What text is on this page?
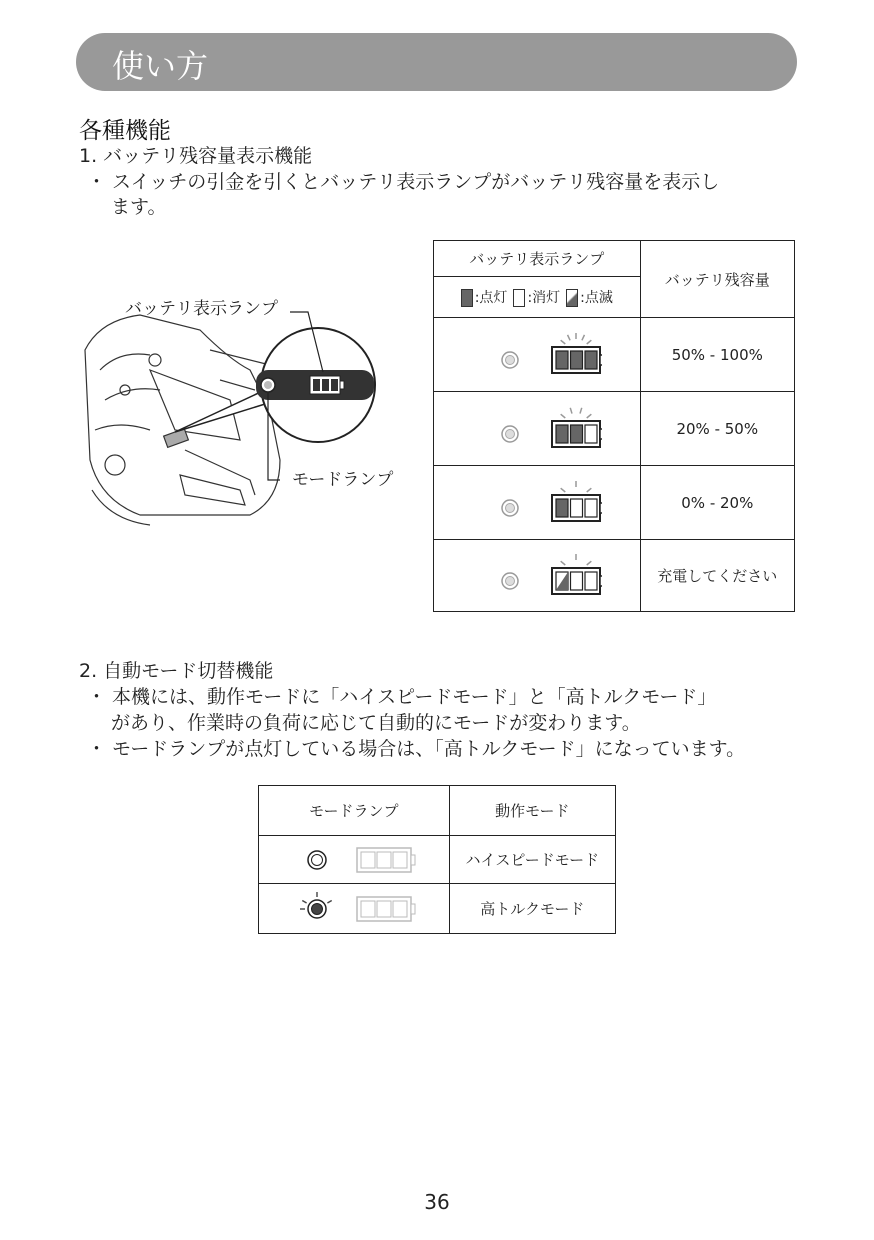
使い方
各種機能
1. バッテリ残容量表示機能
・ スイッチの引金を引くとバッテリ表示ランプがバッテリ残容量を表示し
ます。
バッテリ表示ランプ
モードランプ
バッテリ表示ランプ	バッテリ残容量

:点灯 :消灯 :点滅	

	50% - 100%
	20% - 50%
	0% - 20%
	充電してください
2. 自動モード切替機能
・ 本機には、動作モードに「ハイスピードモード」と「高トルクモード」
があり、作業時の負荷に応じて自動的にモードが変わります。
・ モードランプが点灯している場合は、「高トルクモード」になっています。
モードランプ	動作モード
	ハイスピードモード
	高トルクモード
36
